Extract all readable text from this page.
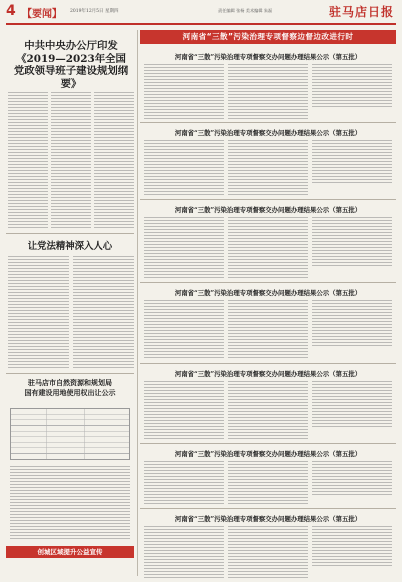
4 【要闻】 2019年12月5日 星期四	责任编辑 张杨 美术编辑 朱磊	驻马店日报
中共中央办公厅印发
《2019—2023年全国
党政领导班子建设规划纲要》
让党法精神深入人心
驻马店市自然资源和规划局
国有建设用地使用权出让公示
创城区域提升公益宣传
河南省“三散”污染治理专项督察边督边改进行时
河南省“三散”污染治理专项督察交办问题办理结果公示（第五批）
河南省“三散”污染治理专项督察交办问题办理结果公示（第五批）
河南省“三散”污染治理专项督察交办问题办理结果公示（第五批）
河南省“三散”污染治理专项督察交办问题办理结果公示（第五批）
河南省“三散”污染治理专项督察交办问题办理结果公示（第五批）
河南省“三散”污染治理专项督察交办问题办理结果公示（第五批）
河南省“三散”污染治理专项督察交办问题办理结果公示（第五批）
